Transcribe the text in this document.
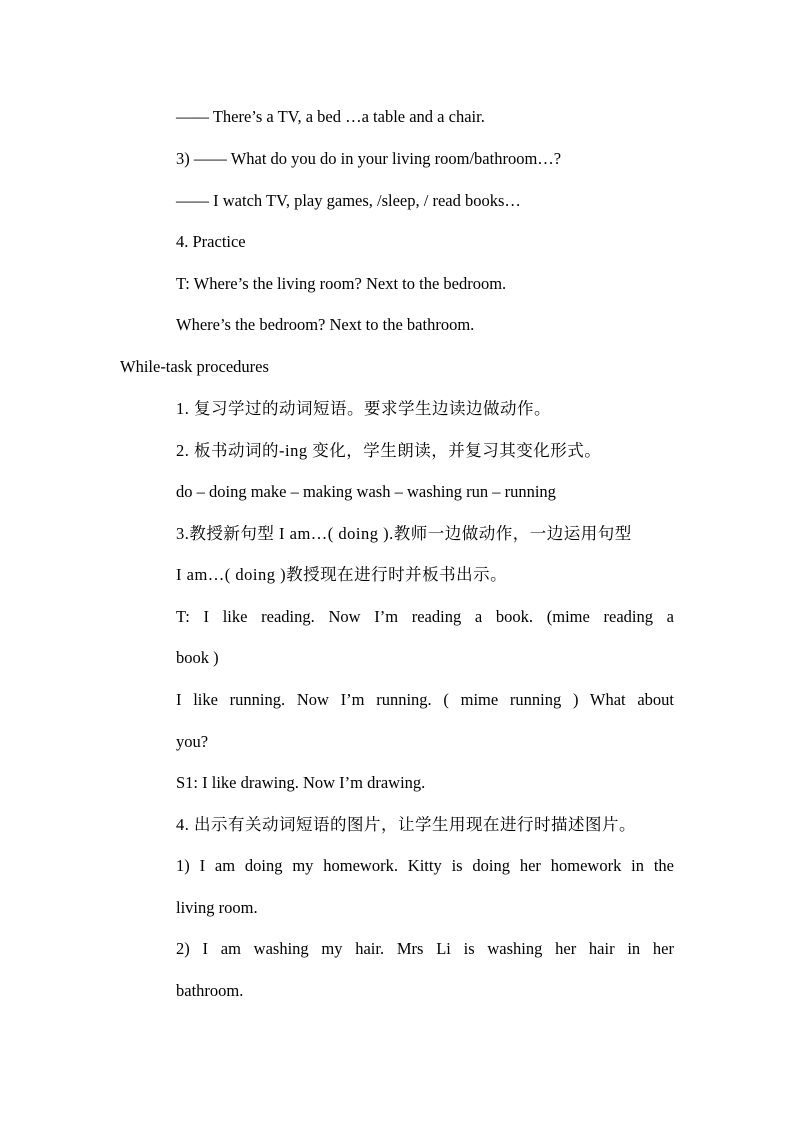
—— There’s a TV, a bed …a table and a chair.
3) —— What do you do in your living room/bathroom…?
—— I watch TV, play games, /sleep, / read books…
4. Practice
T: Where’s the living room? Next to the bedroom.
Where’s the bedroom? Next to the bathroom.
While-task procedures
1. 复习学过的动词短语。要求学生边读边做动作。
2. 板书动词的-ing 变化，学生朗读，并复习其变化形式。
do – doing make – making wash – washing run – running
3.教授新句型 I am…( doing ).教师一边做动作，一边运用句型
I am…( doing )教授现在进行时并板书出示。
T: I like reading. Now I’m reading a book. (mime reading a
book )
I like running. Now I’m running. ( mime running ) What about
you?
S1: I like drawing. Now I’m drawing.
4. 出示有关动词短语的图片，让学生用现在进行时描述图片。
1) I am doing my homework. Kitty is doing her homework in the
living room.
2) I am washing my hair. Mrs Li is washing her hair in her
bathroom.
